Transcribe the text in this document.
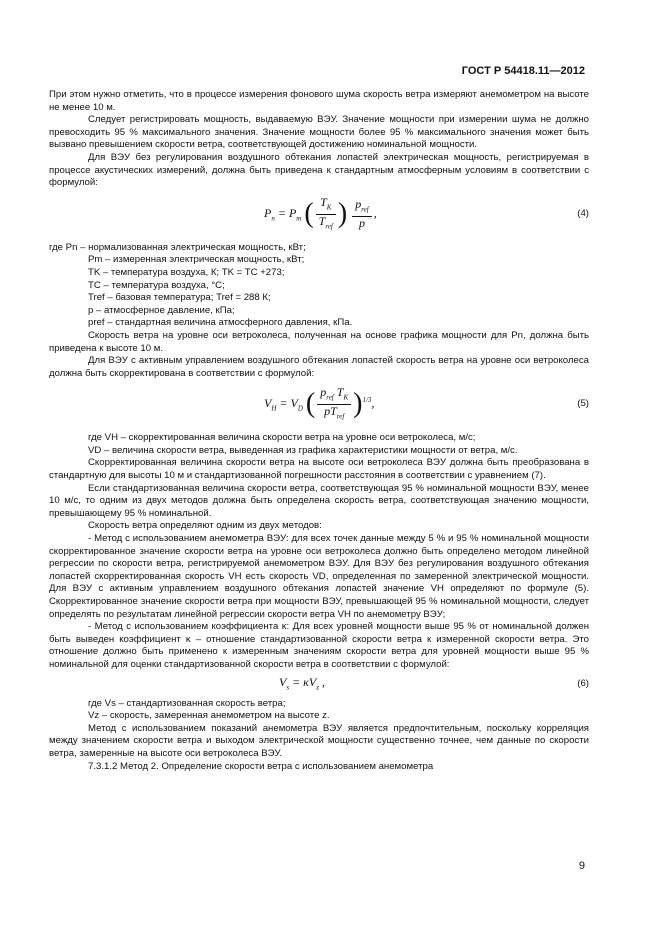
ГОСТ Р 54418.11—2012

При этом нужно отметить, что в процессе измерения фонового шума скорость ветра измеряют анемометром на высоте не менее 10 м.

Следует регистрировать мощность, выдаваемую ВЭУ. Значение мощности при измерении шума не должно превосходить 95 % максимального значения. Значение мощности более 95 % максимального значения может быть вызвано превышением скорости ветра, соответствующей достижению номинальной мощности.

Для ВЭУ без регулирования воздушного обтекания лопастей электрическая мощность, регистрируемая в процессе акустических измерений, должна быть приведена к стандартным атмосферным условиям в соответствии с формулой:

$P_n = P_m$ ( $\frac{T_K}{T_{ref}}$ ) $\frac{p_{ref}}{p}$ ,	(4)

где Pn – нормализованная электрическая мощность, кВт;

Pm – измеренная электрическая мощность, кВт;

TK – температура воздуха, К; TK = TC +273;

TC – температура воздуха, °С;

Tref – базовая температура; Tref = 288 К;

p – атмосферное давление, кПа;

pref – стандартная величина атмосферного давления, кПа.

Скорость ветра на уровне оси ветроколеса, полученная на основе графика мощности для Pn, должна быть приведена к высоте 10 м.

Для ВЭУ с активным управлением воздушного обтекания лопастей скорость ветра на уровне оси ветроколеса должна быть скорректирована в соответствии с формулой:

$V_H = V_D$ ( $\frac{p_{ref} T_K}{pT_{ref}} )^{1/3}$,	(5)

где VH – скорректированная величина скорости ветра на уровне оси ветроколеса, м/с;

VD – величина скорости ветра, выведенная из графика характеристики мощности от ветра, м/с.

Скорректированная величина скорости ветра на высоте оси ветроколеса ВЭУ должна быть преобразована в стандартную для высоты 10 м и стандартизованной погрешности расстояния в соответствии с уравнением (7).

Если стандартизованная величина скорости ветра, соответствующая 95 % номинальной мощности ВЭУ, менее 10 м/с, то одним из двух методов должна быть определена скорость ветра, соответствующая значению мощности, превышающему 95 % номинальной.

Скорость ветра определяют одним из двух методов:

- Метод с использованием анемометра ВЭУ: для всех точек данные между 5 % и 95 % номинальной мощности скорректированное значение скорости ветра на уровне оси ветроколеса должно быть определено методом линейной регрессии по скорости ветра, регистрируемой анемометром ВЭУ. Для ВЭУ без регулирования воздушного обтекания лопастей скорректированная скорость VH есть скорость VD, определенная по замеренной электрической мощности. Для ВЭУ с активным управлением воздушного обтекания лопастей значение VH определяют по формуле (5). Скорректированное значение скорости ветра при мощности ВЭУ, превышающей 95 % номинальной мощности, следует определять по результатам линейной регрессии скорости ветра VH по анемометру ВЭУ;

- Метод с использованием коэффициента κ: Для всех уровней мощности выше 95 % от номинальной должен быть выведен коэффициент κ – отношение стандартизованной скорости ветра к измеренной скорости ветра. Это отношение должно быть применено к измеренным значениям скорости ветра для уровней мощности выше 95 % номинальной для оценки стандартизованной скорости ветра в соответствии с формулой:

$V_s = \kappa V_z$ ,	(6)

где Vs – стандартизованная скорость ветра;

Vz – скорость, замеренная анемометром на высоте z.

Метод с использованием показаний анемометра ВЭУ является предпочтительным, поскольку корреляция между значением скорости ветра и выходом электрической мощности существенно точнее, чем данные по скорости ветра, замеренные на высоте оси ветроколеса ВЭУ.

7.3.1.2 Метод 2. Определение скорости ветра с использованием анемометра

9
